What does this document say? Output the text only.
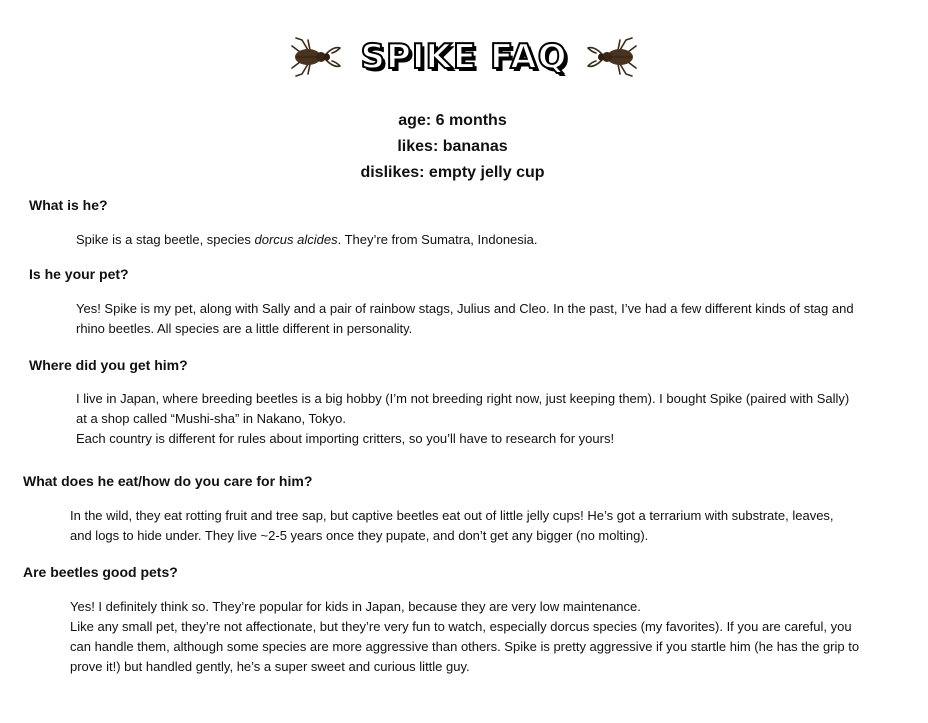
SPIKE FAQ
age: 6 months
likes: bananas
dislikes: empty jelly cup
What is he?
Spike is a stag beetle, species dorcus alcides. They’re from Sumatra, Indonesia.
Is he your pet?

Yes! Spike is my pet, along with Sally and a pair of rainbow stags, Julius and Cleo. In the past, I’ve had a few different kinds of stag and

rhino beetles. All species are a little different in personality.

Where did you get him?

I live in Japan, where breeding beetles is a big hobby (I’m not breeding right now, just keeping them). I bought Spike (paired with Sally)

at a shop called “Mushi-sha” in Nakano, Tokyo.

Each country is different for rules about importing critters, so you’ll have to research for yours!

What does he eat/how do you care for him?

In the wild, they eat rotting fruit and tree sap, but captive beetles eat out of little jelly cups! He’s got a terrarium with substrate, leaves,

and logs to hide under. They live ~2-5 years once they pupate, and don’t get any bigger (no molting).

Are beetles good pets?

Yes! I definitely think so. They’re popular for kids in Japan, because they are very low maintenance.

Like any small pet, they’re not affectionate, but they’re very fun to watch, especially dorcus species (my favorites). If you are careful, you

can handle them, although some species are more aggressive than others. Spike is pretty aggressive if you startle him (he has the grip to

prove it!) but handled gently, he’s a super sweet and curious little guy.
